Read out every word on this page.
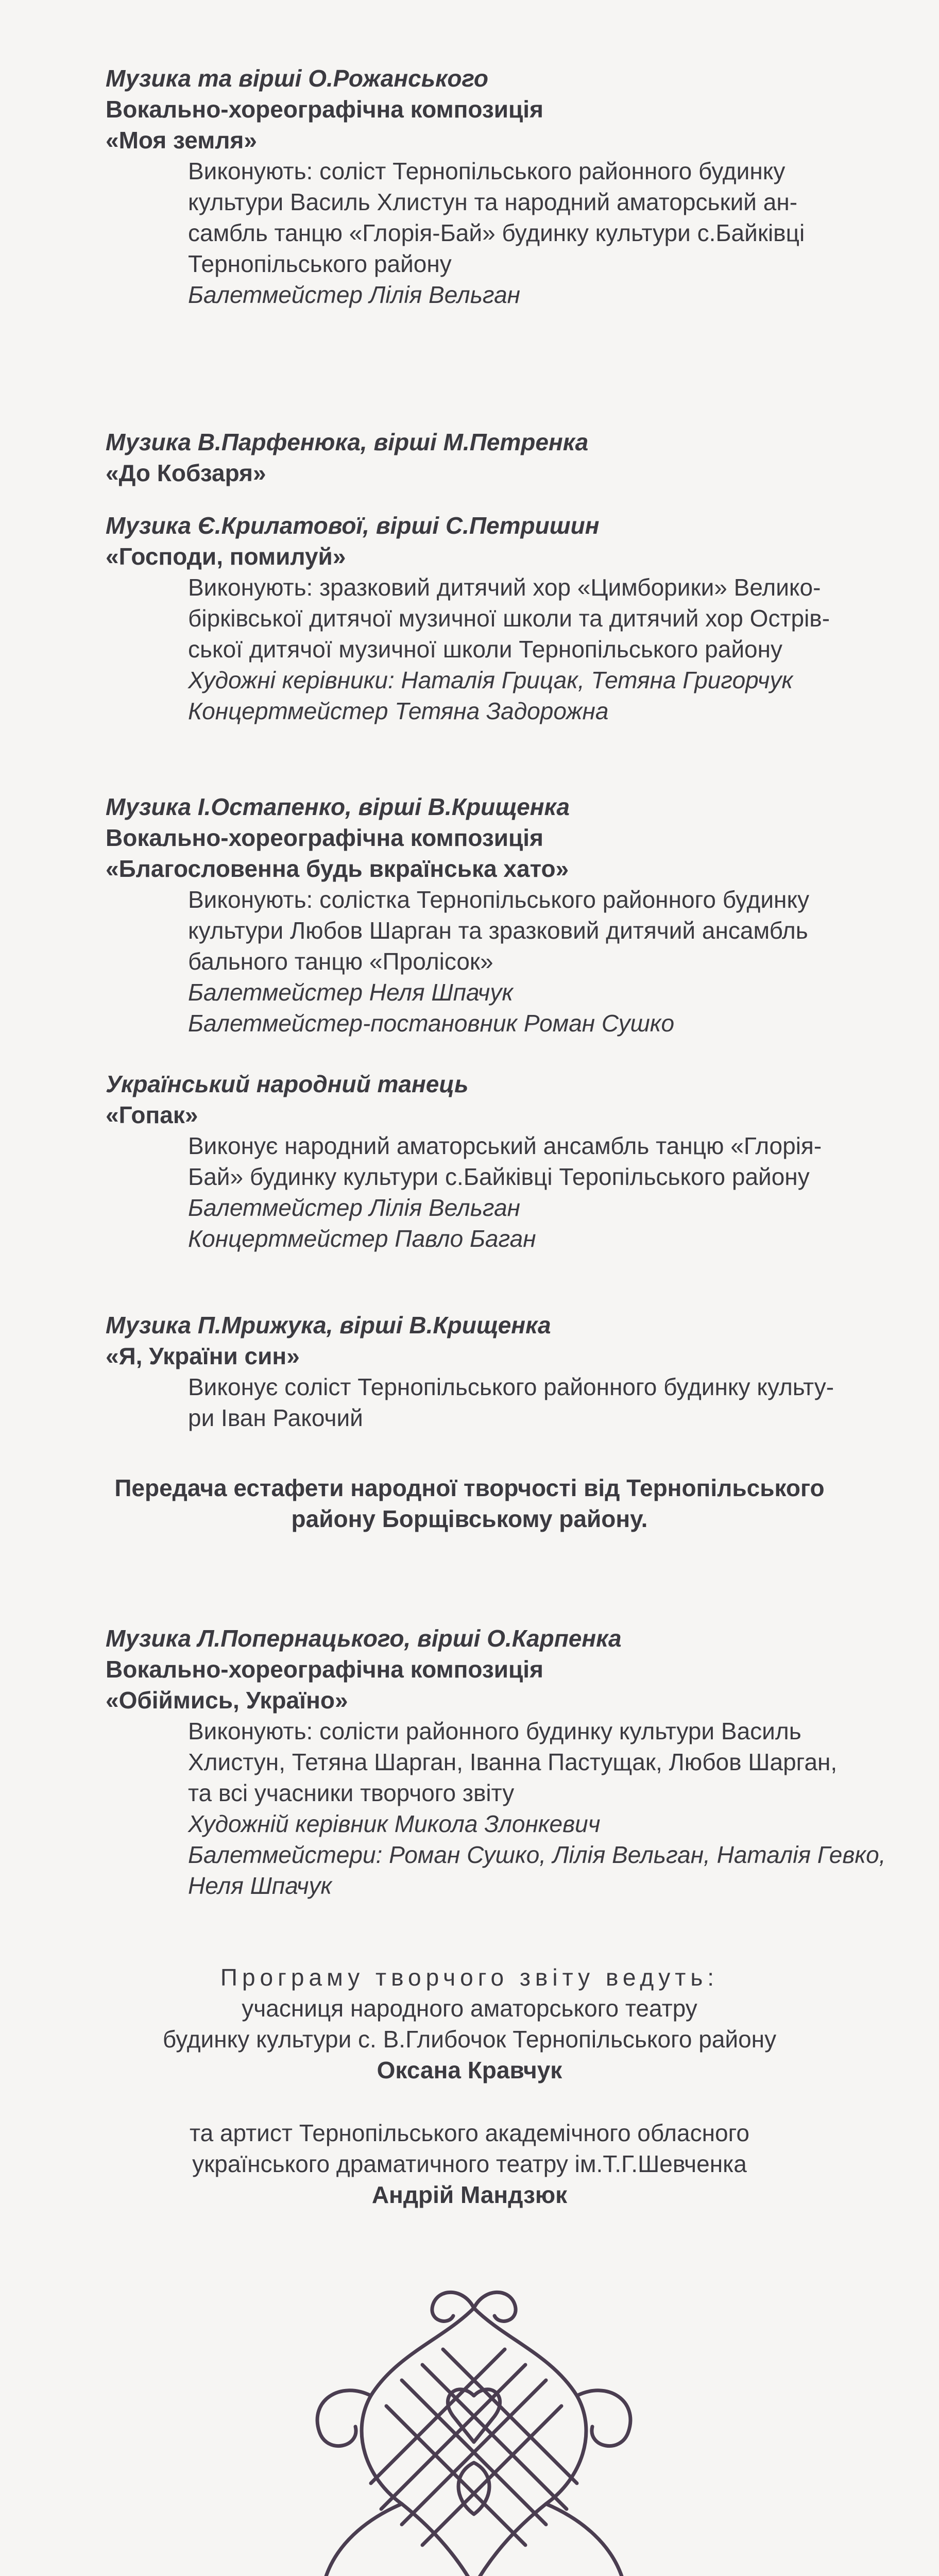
Музика та вірші О.Рожанського
Вокально-хореографічна композиція
«Моя земля»
Виконують: соліст Тернопільського районного будинку
культури Василь Хлистун та народний аматорський ан-
самбль танцю «Глорія-Бай» будинку культури с.Байківці
Тернопільського району
Балетмейстер Лілія Вельган
Музика В.Парфенюка, вірші М.Петренка
«До Кобзаря»
Музика Є.Крилатової, вірші С.Петришин
«Господи, помилуй»
Виконують: зразковий дитячий хор «Цимборики» Велико-
бірківської дитячої музичної школи та дитячий хор Острів-
ської дитячої музичної школи Тернопільського району
Художні керівники: Наталія Грицак, Тетяна Григорчук
Концертмейстер Тетяна Задорожна
Музика І.Остапенко, вірші В.Крищенка
Вокально-хореографічна композиція
«Благословенна будь вкраїнська хато»
Виконують: солістка Тернопільського районного будинку
культури Любов Шарган та зразковий дитячий ансамбль
бального танцю «Пролісок»
Балетмейстер Неля Шпачук
Балетмейстер-постановник Роман Сушко
Український народний танець
«Гопак»
Виконує народний аматорський ансамбль танцю «Глорія-
Бай» будинку культури с.Байківці Теропільського району
Балетмейстер Лілія Вельган
Концертмейстер Павло Баган
Музика П.Мрижука, вірші В.Крищенка
«Я, України син»
Виконує соліст Тернопільського районного будинку культу-
ри Іван Ракочий
Передача естафети народної творчості від Тернопільського
району Борщівському району.
Музика Л.Попернацького, вірші О.Карпенка
Вокально-хореографічна композиція
«Обіймись, Україно»
Виконують: солісти районного будинку культури Василь
Хлистун, Тетяна Шарган, Іванна Пастущак, Любов Шарган,
та всі учасники творчого звіту
Художній керівник Микола Злонкевич
Балетмейстери: Роман Сушко, Лілія Вельган, Наталія Гевко,
Неля Шпачук
Програму творчого звіту ведуть:
учасниця народного аматорського театру
будинку культури с. В.Глибочок Тернопільського району
Оксана Кравчук
та артист Тернопільського академічного обласного
українського драматичного театру ім.Т.Г.Шевченка
Андрій Мандзюк
